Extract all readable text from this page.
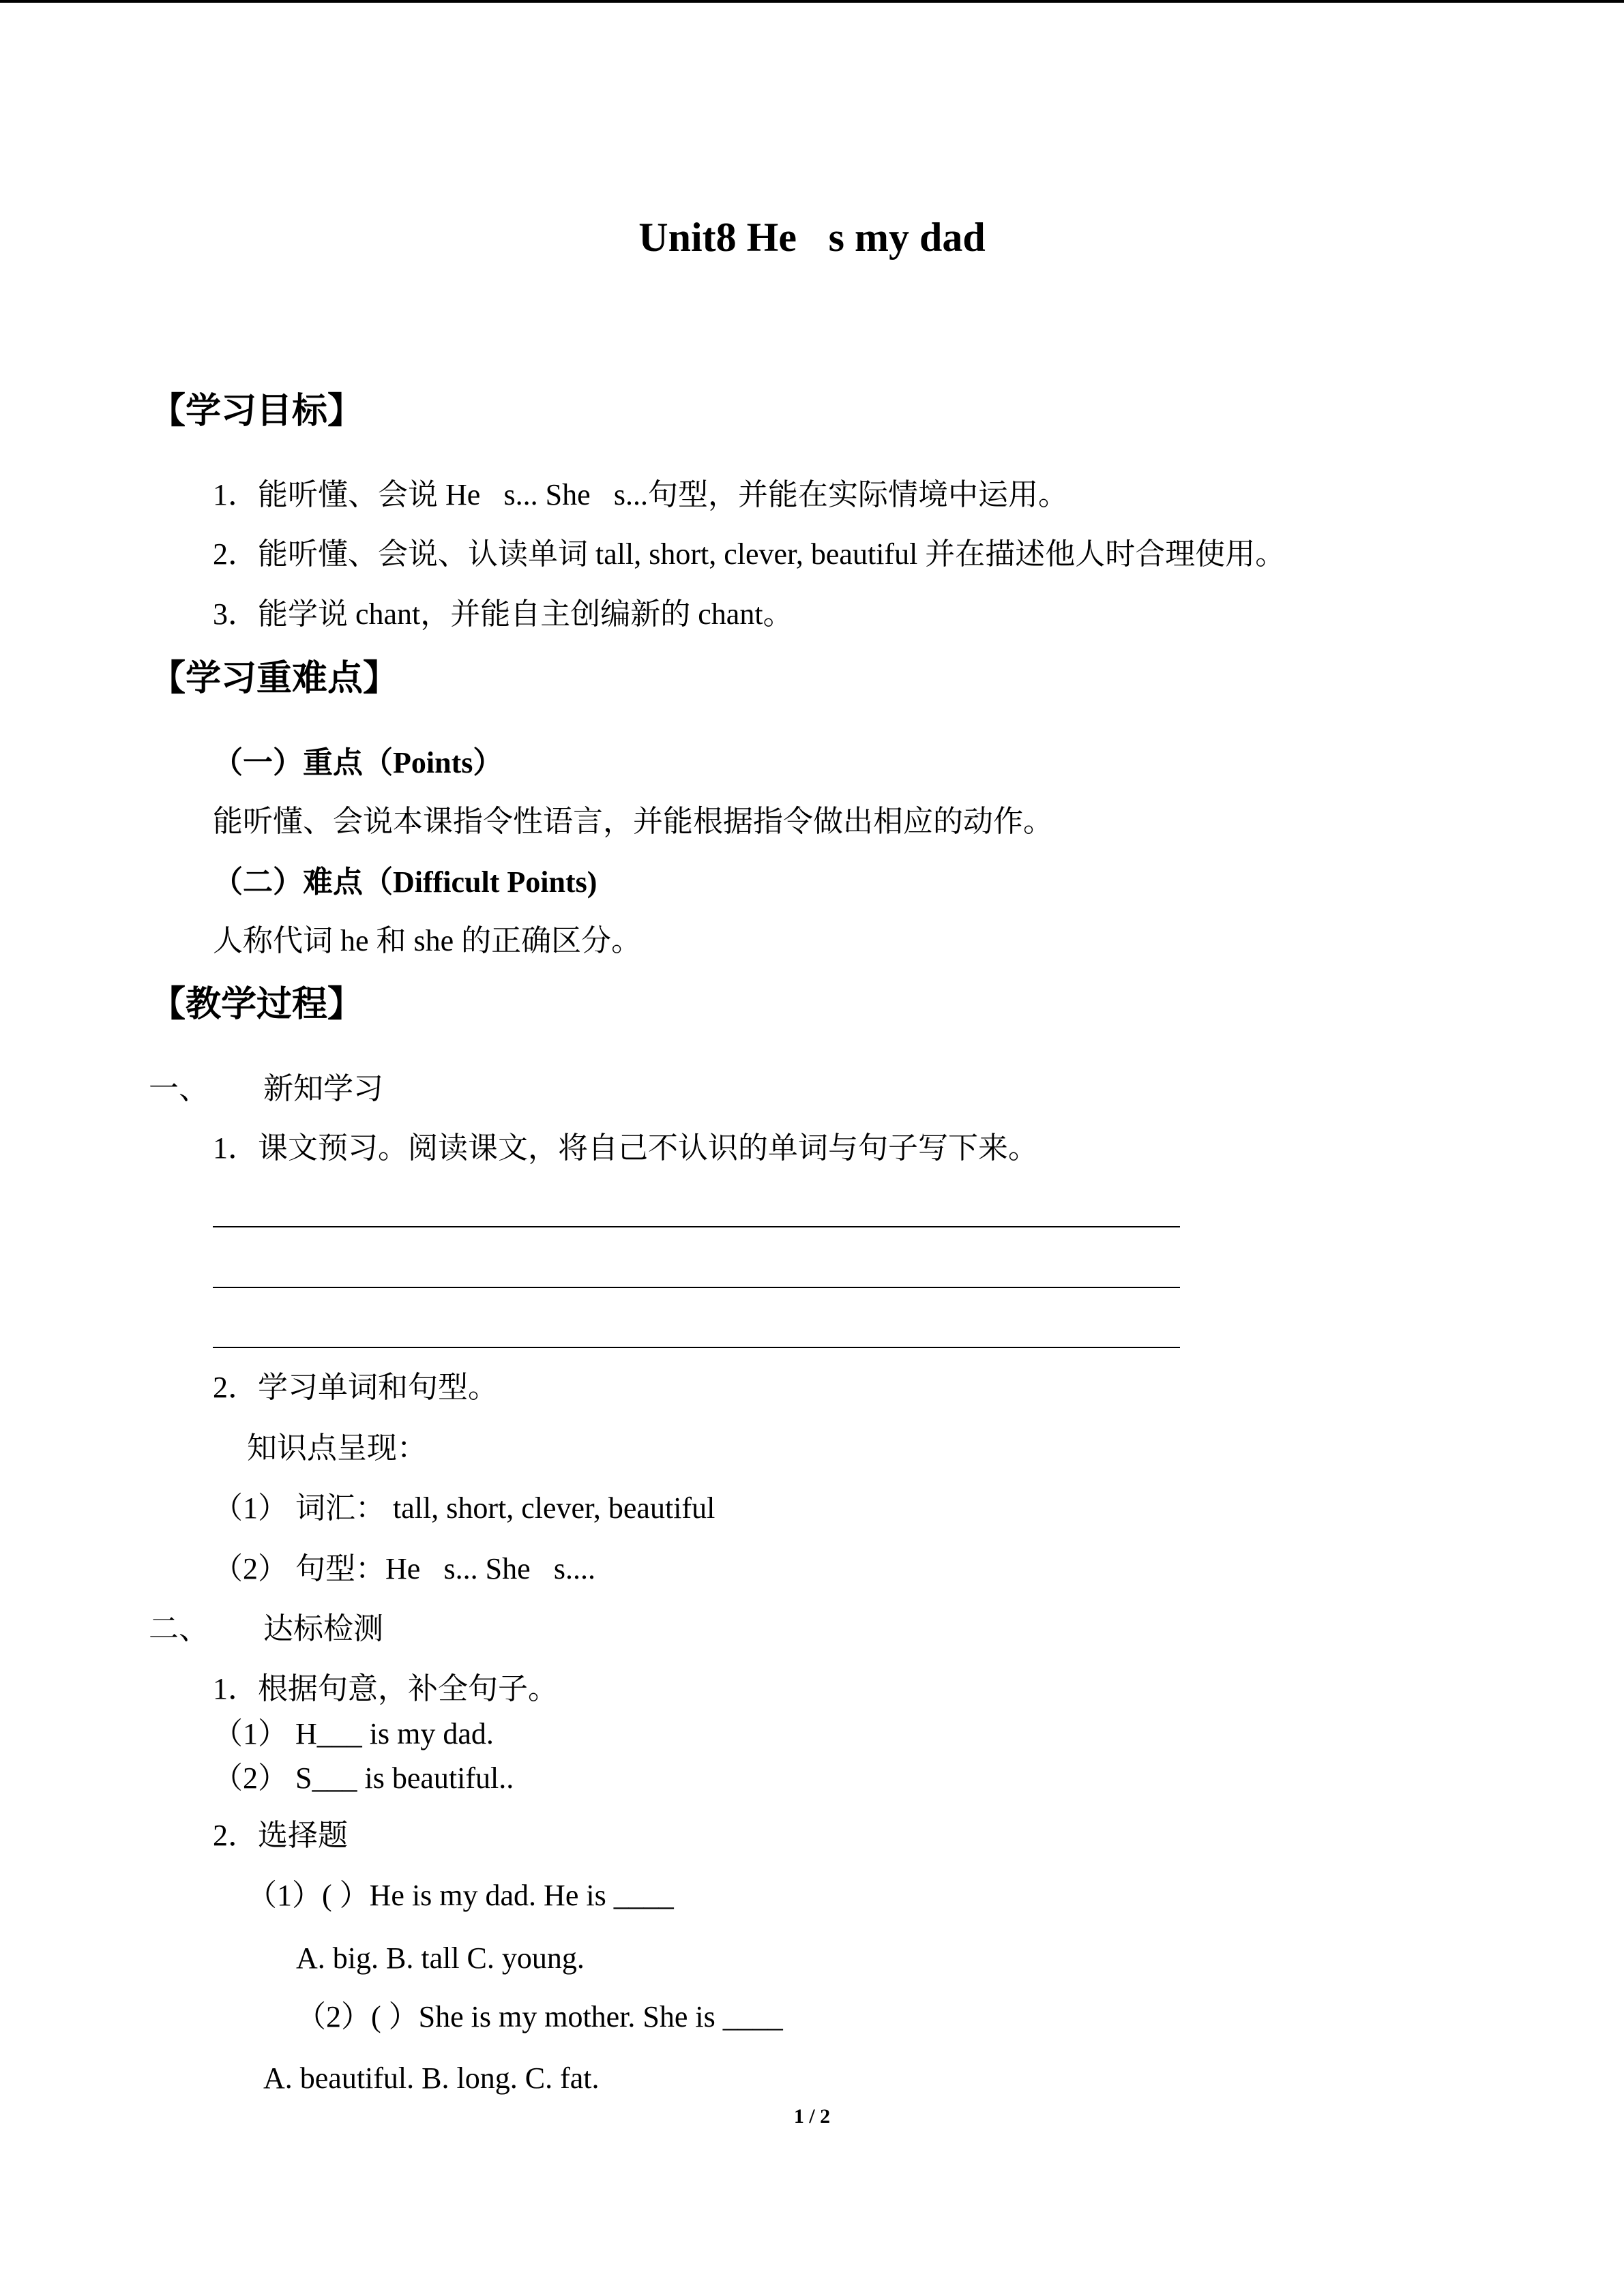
Unit8 He s my dad
【学习目标】
1．能听懂、会说 He s... She s...句型，并能在实际情境中运用。
2．能听懂、会说、认读单词 tall, short, clever, beautiful 并在描述他人时合理使用。
3．能学说 chant，并能自主创编新的 chant。
【学习重难点】
（一）重点（Points）
能听懂、会说本课指令性语言，并能根据指令做出相应的动作。
（二）难点（Difficult Points)
人称代词 he 和 she 的正确区分。
【教学过程】
一、 新知学习
1．课文预习。阅读课文，将自己不认识的单词与句子写下来。
2．学习单词和句型。
知识点呈现：
（1） 词汇： tall, short, clever, beautiful
（2） 句型：He s... She s....
二、 达标检测
1．根据句意，补全句子。
（1） H___ is my dad.
（2） S___ is beautiful..
2．选择题
（1）( ）He is my dad. He is ____
A. big. B. tall C. young.
（2）( ）She is my mother. She is ____
A. beautiful. B. long. C. fat.
1 / 2
